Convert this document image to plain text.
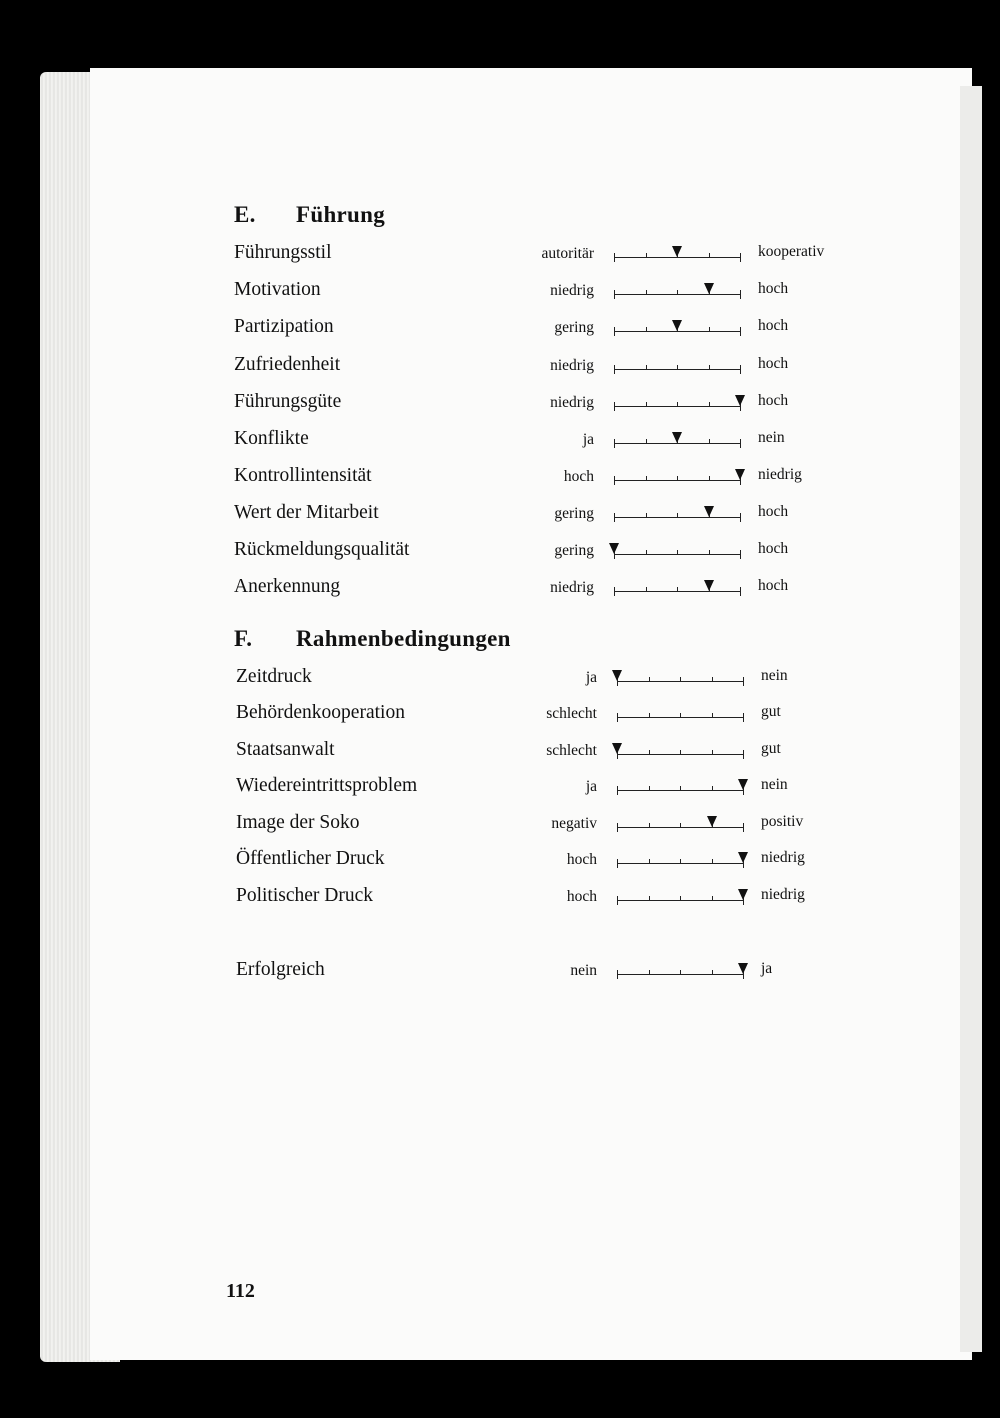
E. Führung
F. Rahmenbedingungen
Führungsstil	autoritär	kooperativ
Motivation	niedrig	hoch
Partizipation	gering	hoch
Zufriedenheit	niedrig	hoch
Führungsgüte	niedrig	hoch
Konflikte	ja	nein
Kontrollintensität	hoch	niedrig
Wert der Mitarbeit	gering	hoch
Rückmeldungsqualität	gering	hoch
Anerkennung	niedrig	hoch
Zeitdruck	ja	nein
Behördenkooperation	schlecht	gut
Staatsanwalt	schlecht	gut
Wiedereintrittsproblem	ja	nein
Image der Soko	negativ	positiv
Öffentlicher Druck	hoch	niedrig
Politischer Druck	hoch	niedrig
Erfolgreich	nein	ja
112
